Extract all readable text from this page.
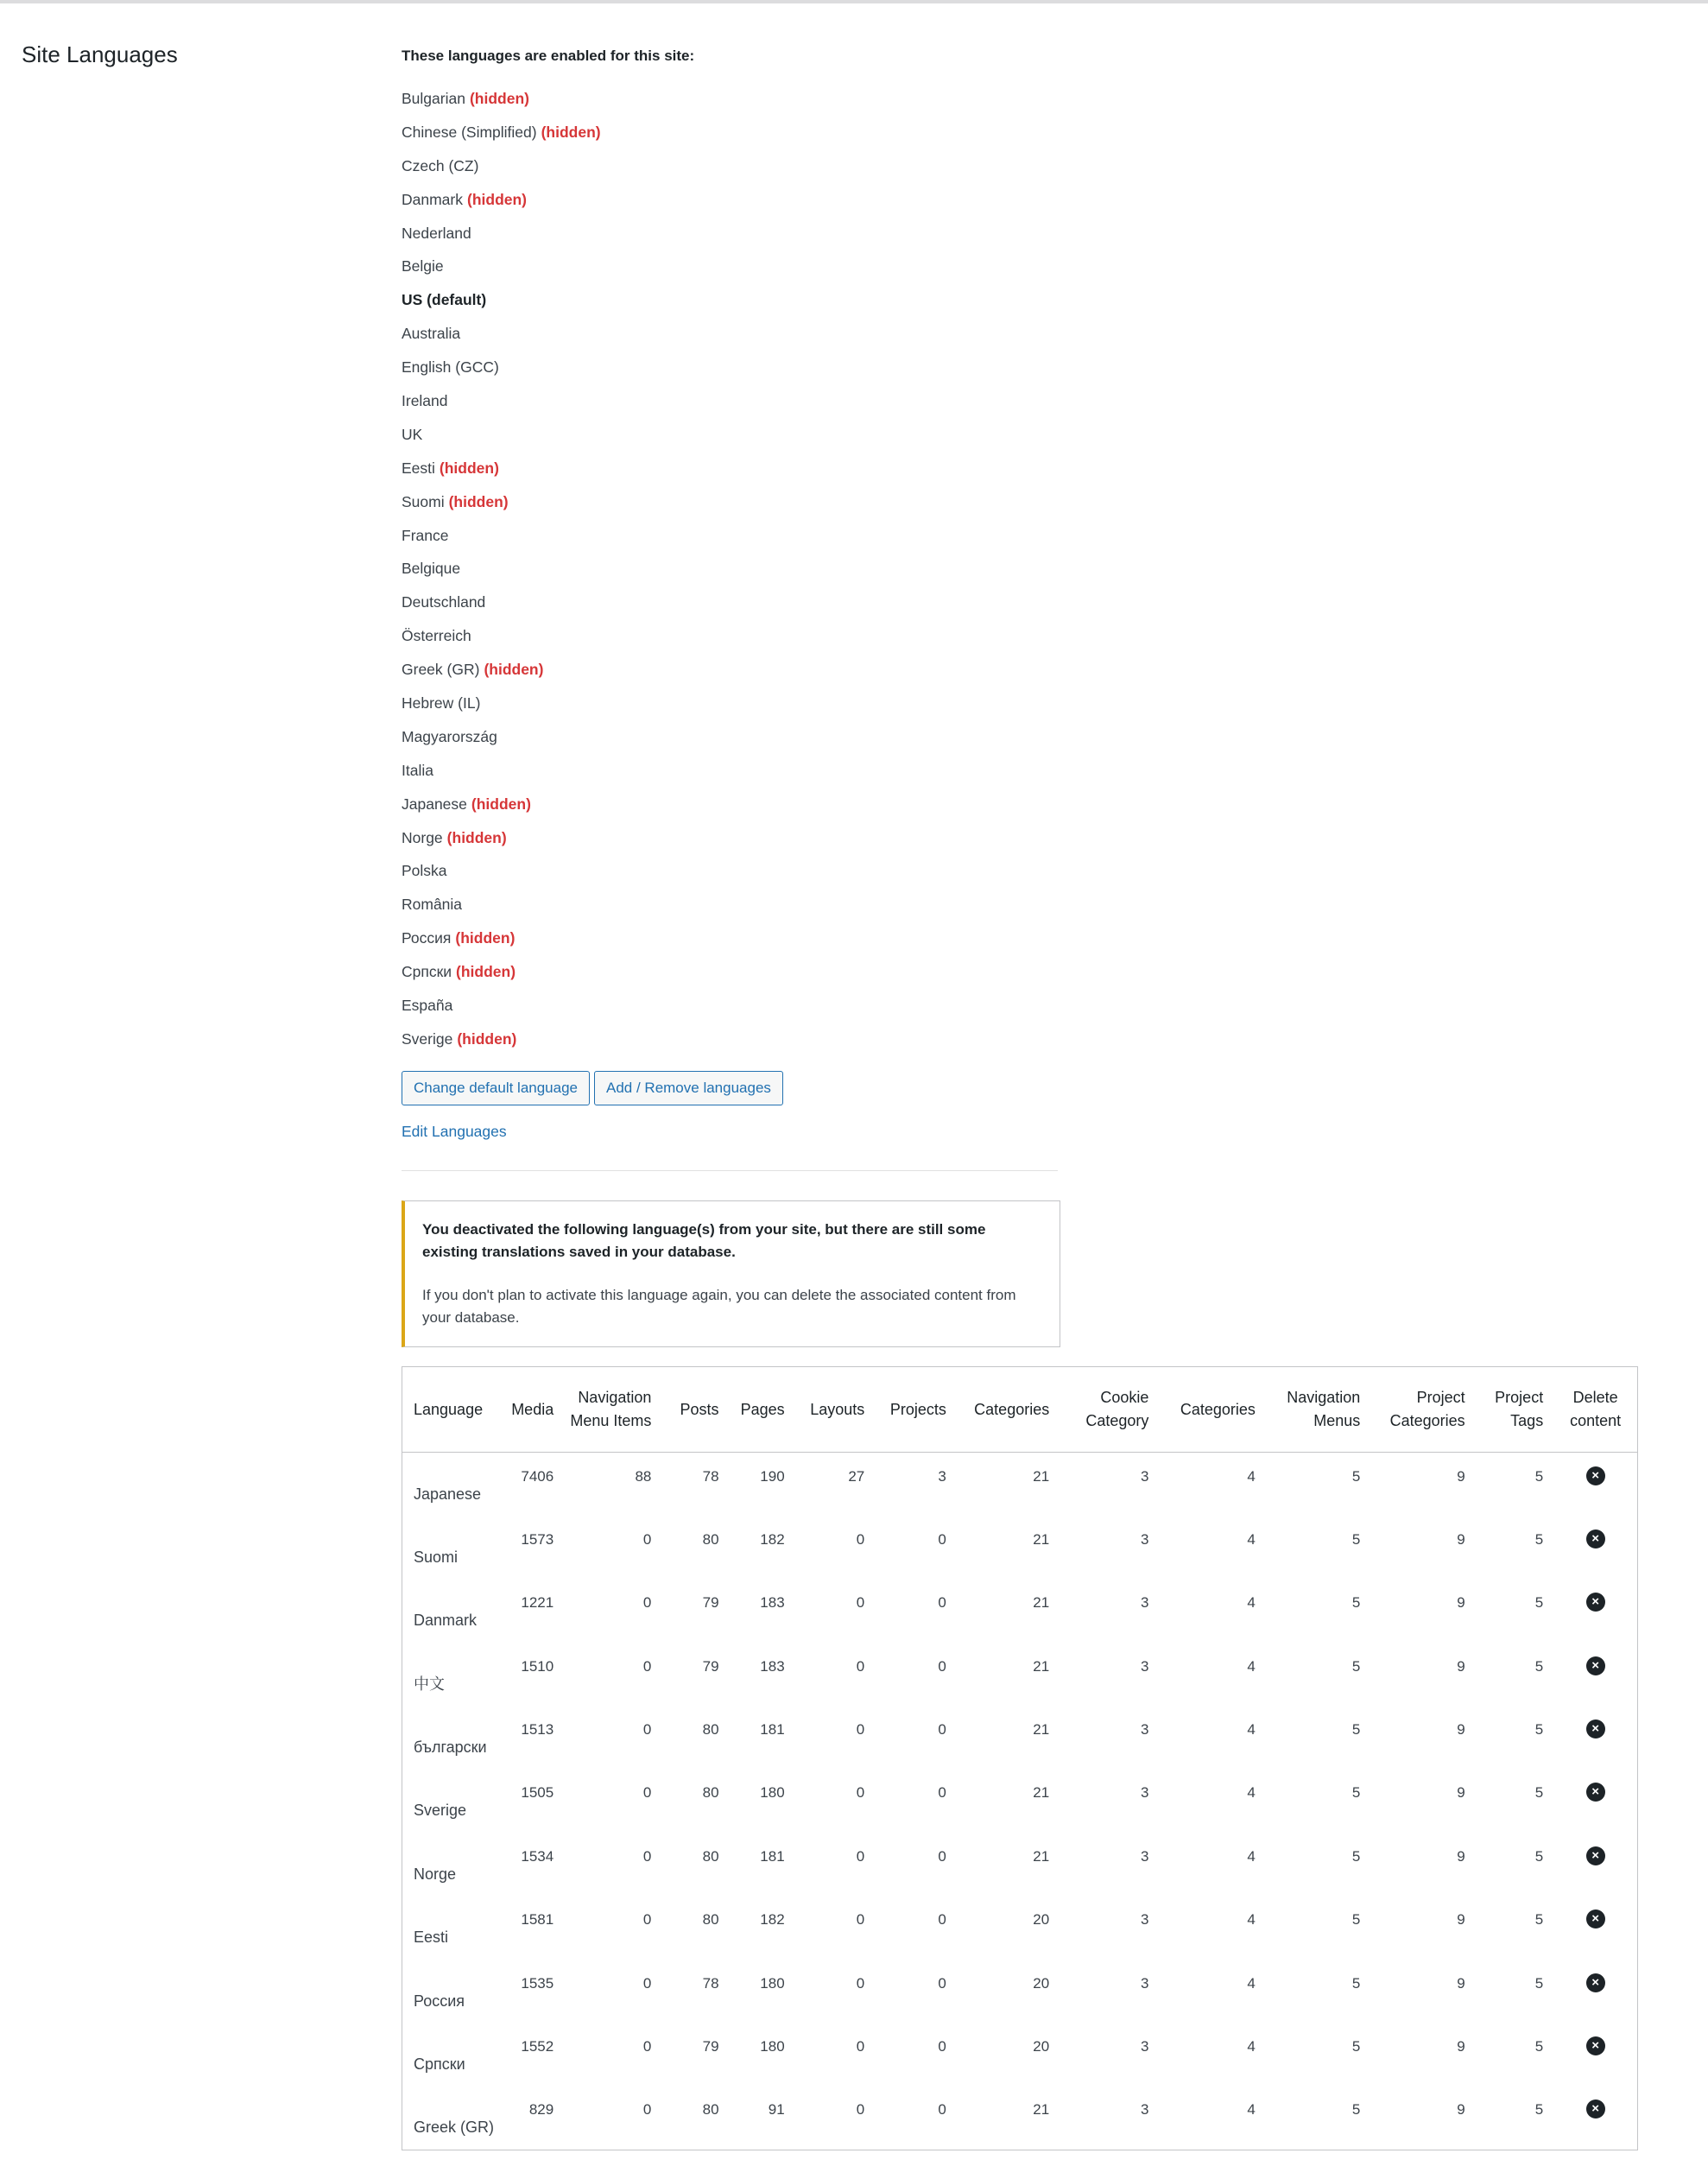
Site Languages	These languages are enabled for this site:

Bulgarian (hidden)
Chinese (Simplified) (hidden)
Czech (CZ)
Danmark (hidden)
Nederland
Belgie
US (default)
Australia
English (GCC)
Ireland
UK
Eesti (hidden)
Suomi (hidden)
France
Belgique
Deutschland
Österreich
Greek (GR) (hidden)
Hebrew (IL)
Magyarország
Italia
Japanese (hidden)
Norge (hidden)
Polska
România
Россия (hidden)
Српски (hidden)
España
Sverige (hidden)
Change default language	Add / Remove languages
Edit Languages

You deactivated the following language(s) from your site, but there are still some existing translations saved in your database.

If you don't plan to activate this language again, you can delete the associated content from your database.

Language	Media	Navigation Menu Items	Posts	Pages	Layouts	Projects	Categories	Cookie Category	Categories	Navigation Menus	Project Categories	Project Tags	Delete content
Japanese	7406	88	78	190	27	3	21	3	4	5	9	5	×
Suomi	1573	0	80	182	0	0	21	3	4	5	9	5	×
Danmark	1221	0	79	183	0	0	21	3	4	5	9	5	×
中文	1510	0	79	183	0	0	21	3	4	5	9	5	×
български	1513	0	80	181	0	0	21	3	4	5	9	5	×
Sverige	1505	0	80	180	0	0	21	3	4	5	9	5	×
Norge	1534	0	80	181	0	0	21	3	4	5	9	5	×
Eesti	1581	0	80	182	0	0	20	3	4	5	9	5	×
Россия	1535	0	78	180	0	0	20	3	4	5	9	5	×
Српски	1552	0	79	180	0	0	20	3	4	5	9	5	×
Greek (GR)	829	0	80	91	0	0	21	3	4	5	9	5	×
